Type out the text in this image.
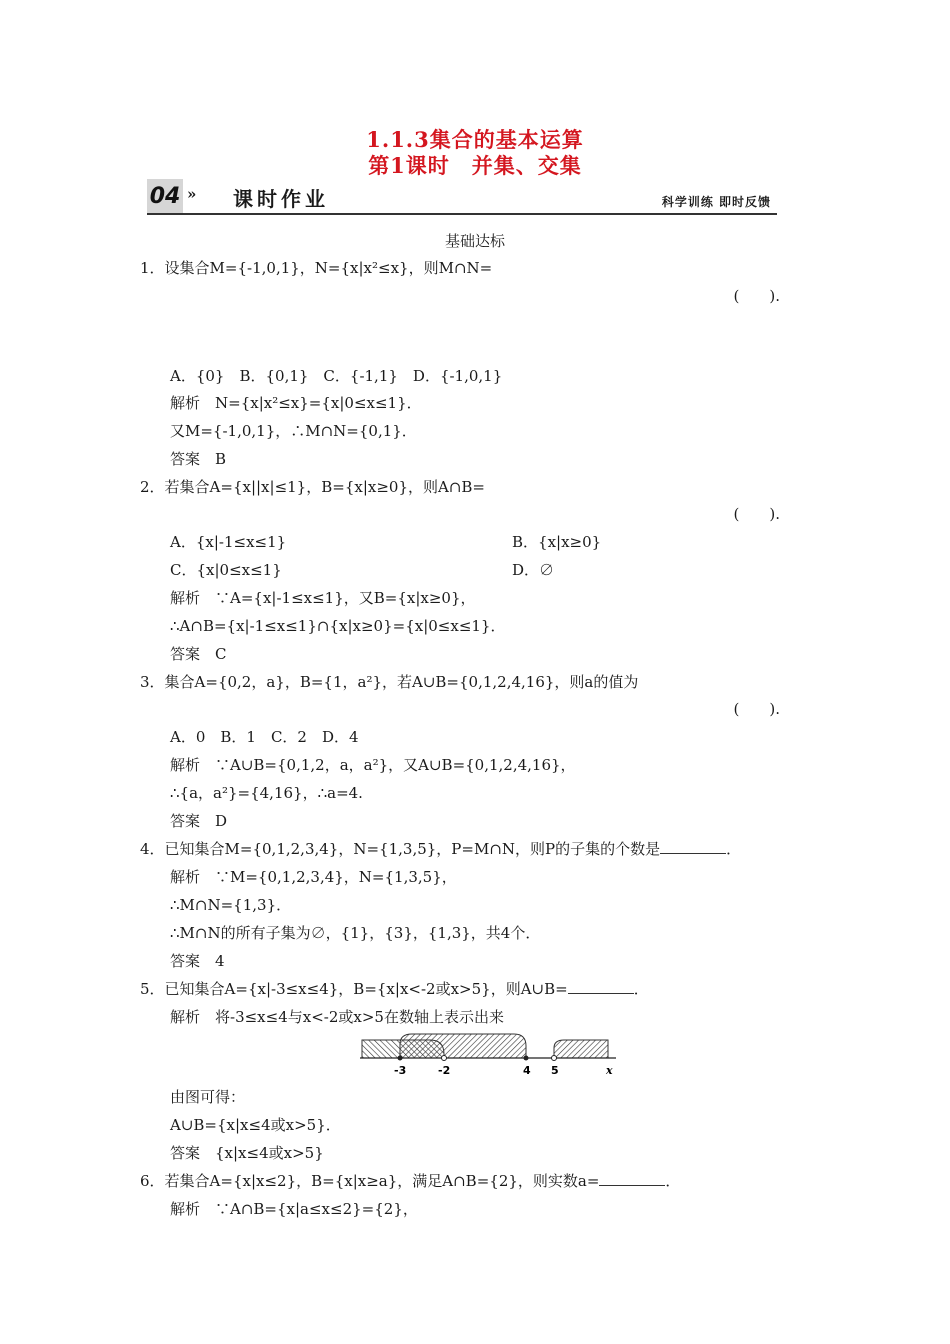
1.1.3集合的基本运算
第1课时　并集、交集
04 » 课时作业	科学训练 即时反馈
基础达标
1．设集合M={-1,0,1}，N={x|x²≤x}，则M∩N=
(　　).
A．{0}　B．{0,1}　C．{-1,1}　D．{-1,0,1}
解析　N={x|x²≤x}={x|0≤x≤1}．
又M={-1,0,1}，∴M∩N={0,1}．
答案　B
2．若集合A={x||x|≤1}，B={x|x≥0}，则A∩B=
(　　).
A．{x|-1≤x≤1}	B．{x|x≥0}
C．{x|0≤x≤1}	D．∅
解析　∵A={x|-1≤x≤1}，又B={x|x≥0}，
∴A∩B={x|-1≤x≤1}∩{x|x≥0}={x|0≤x≤1}．
答案　C
3．集合A={0,2，a}，B={1，a²}，若A∪B={0,1,2,4,16}，则a的值为
(　　).
A．0　B．1　C．2　D．4
解析　∵A∪B={0,1,2，a，a²}，又A∪B={0,1,2,4,16}，
∴{a，a²}={4,16}，∴a=4.
答案　D
4．已知集合M={0,1,2,3,4}，N={1,3,5}，P=M∩N，则P的子集的个数是	．
解析　∵M={0,1,2,3,4}，N={1,3,5}，
∴M∩N={1,3}．
∴M∩N的所有子集为∅，{1}，{3}，{1,3}，共4个．
答案　4
5．已知集合A={x|-3≤x≤4}，B={x|x<-2或x>5}，则A∪B=	．
解析　将-3≤x≤4与x<-2或x>5在数轴上表示出来
-3	-2	4 5	x
由图可得：
A∪B={x|x≤4或x>5}．
答案　{x|x≤4或x>5}
6．若集合A={x|x≤2}，B={x|x≥a}，满足A∩B={2}，则实数a=	．
解析　∵A∩B={x|a≤x≤2}={2}，
